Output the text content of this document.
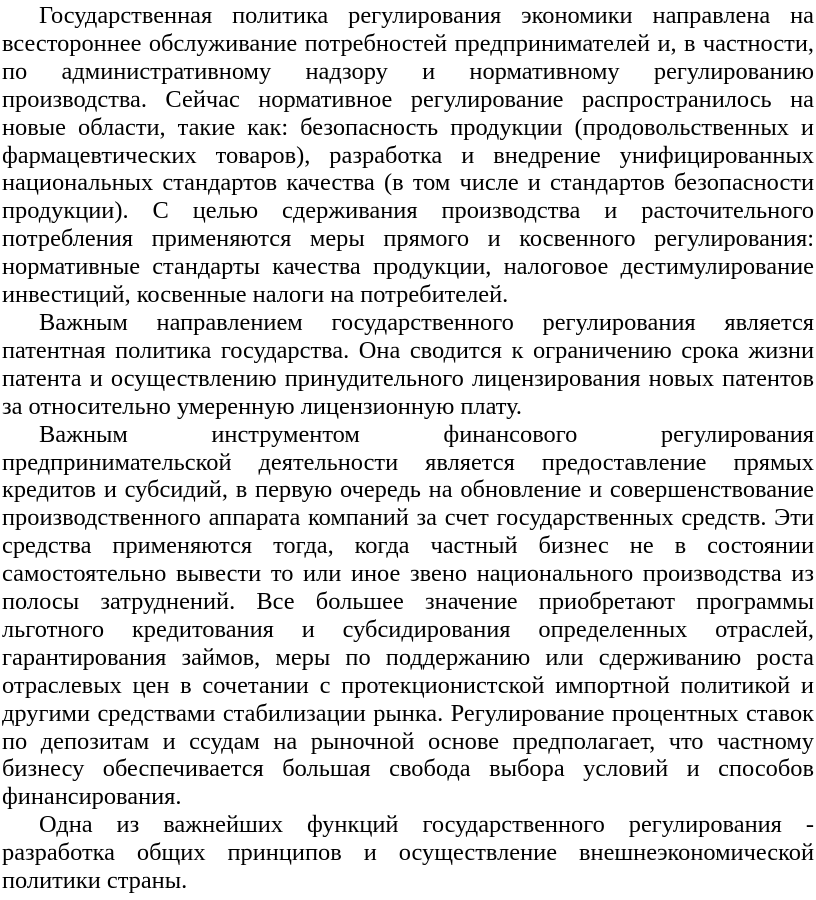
Государственная политика регулирования экономики направлена на всестороннее обслуживание потребностей предпринимателей и, в частности, по административному надзору и нормативному регулированию производства. Сейчас нормативное регулирование распространилось на новые области, такие как: безопасность продукции (продовольственных и фармацевтических товаров), разработка и внедрение унифицированных национальных стандартов качества (в том числе и стандартов безопасности продукции). С целью сдерживания производства и расточительного потребления применяются меры прямого и косвенного регулирования: нормативные стандарты качества продукции, налоговое дестимулирование инвестиций, косвенные налоги на потребителей.

Важным направлением государственного регулирования является патентная политика государства. Она сводится к ограничению срока жизни патента и осуществлению принудительного лицензирования новых патентов за относительно умеренную лицензионную плату.

Важным инструментом финансового регулирования предпринимательской деятельности является предоставление прямых кредитов и субсидий, в первую очередь на обновление и совершенствование производственного аппарата компаний за счет государственных средств. Эти средства применяются тогда, когда частный бизнес не в состоянии самостоятельно вывести то или иное звено национального производства из полосы затруднений. Все большее значение приобретают программы льготного кредитования и субсидирования определенных отраслей, гарантирования займов, меры по поддержанию или сдерживанию роста отраслевых цен в сочетании с протекционистской импортной политикой и другими средствами стабилизации рынка. Регулирование процентных ставок по депозитам и ссудам на рыночной основе предполагает, что частному бизнесу обеспечивается большая свобода выбора условий и способов финансирования.

Одна из важнейших функций государственного регулирования - разработка общих принципов и осуществление внешнеэкономической политики страны.
